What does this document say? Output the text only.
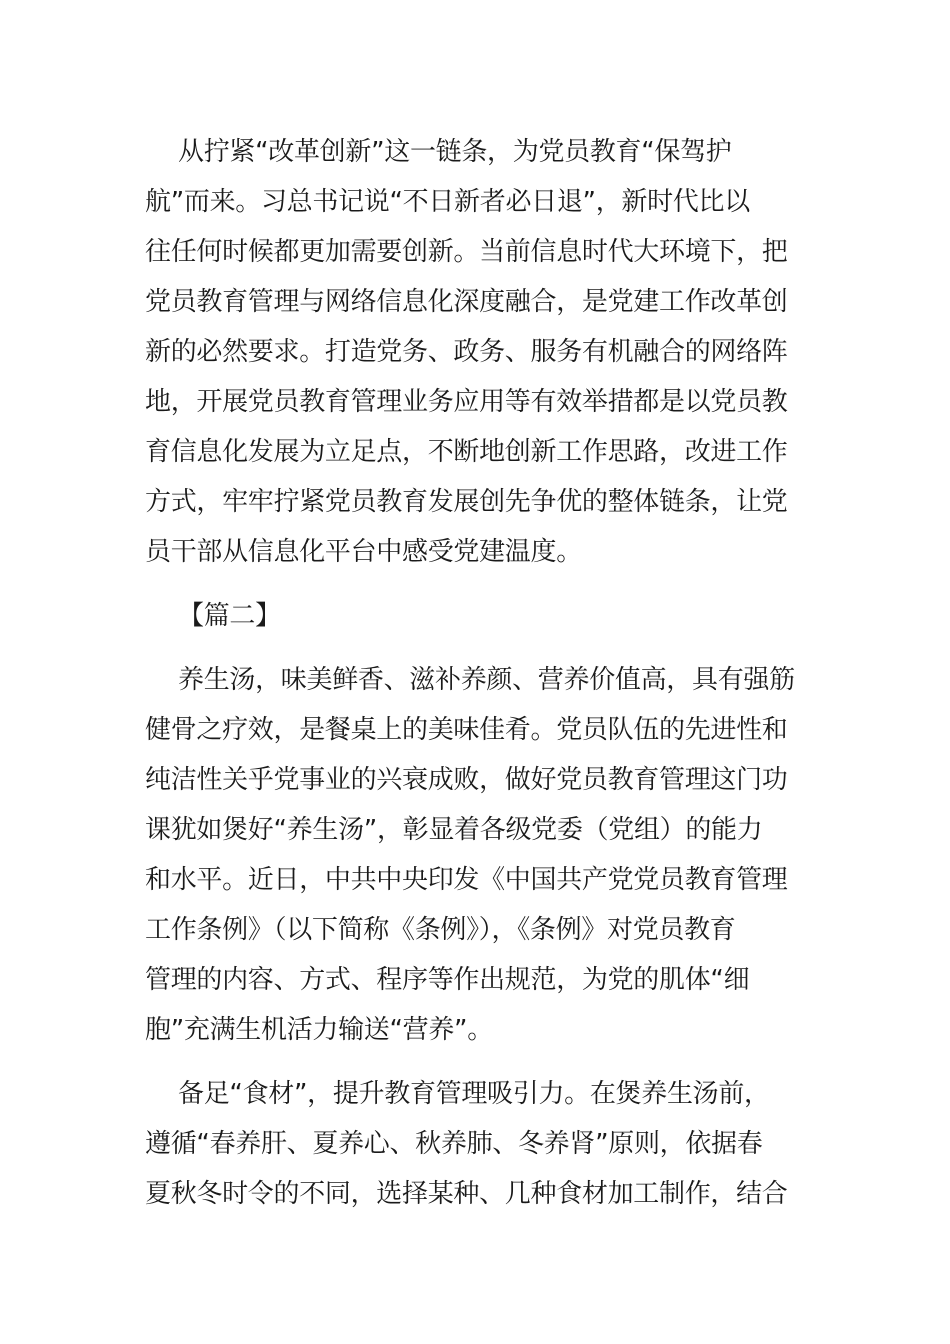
从拧紧“改革创新”这一链条，为党员教育“保驾护
航”而来。习总书记说“不日新者必日退”，新时代比以
往任何时候都更加需要创新。当前信息时代大环境下，把
党员教育管理与网络信息化深度融合，是党建工作改革创
新的必然要求。打造党务、政务、服务有机融合的网络阵
地，开展党员教育管理业务应用等有效举措都是以党员教
育信息化发展为立足点，不断地创新工作思路，改进工作
方式，牢牢拧紧党员教育发展创先争优的整体链条，让党
员干部从信息化平台中感受党建温度。
【篇二】
养生汤，味美鲜香、滋补养颜、营养价值高，具有强筋
健骨之疗效，是餐桌上的美味佳肴。党员队伍的先进性和
纯洁性关乎党事业的兴衰成败，做好党员教育管理这门功
课犹如煲好“养生汤”，彰显着各级党委（党组）的能力
和水平。近日，中共中央印发《中国共产党党员教育管理
工作条例》（以下简称《条例》），《条例》对党员教育
管理的内容、方式、程序等作出规范，为党的肌体“细
胞”充满生机活力输送“营养”。
备足“食材”，提升教育管理吸引力。在煲养生汤前，
遵循“春养肝、夏养心、秋养肺、冬养肾”原则，依据春
夏秋冬时令的不同，选择某种、几种食材加工制作，结合
